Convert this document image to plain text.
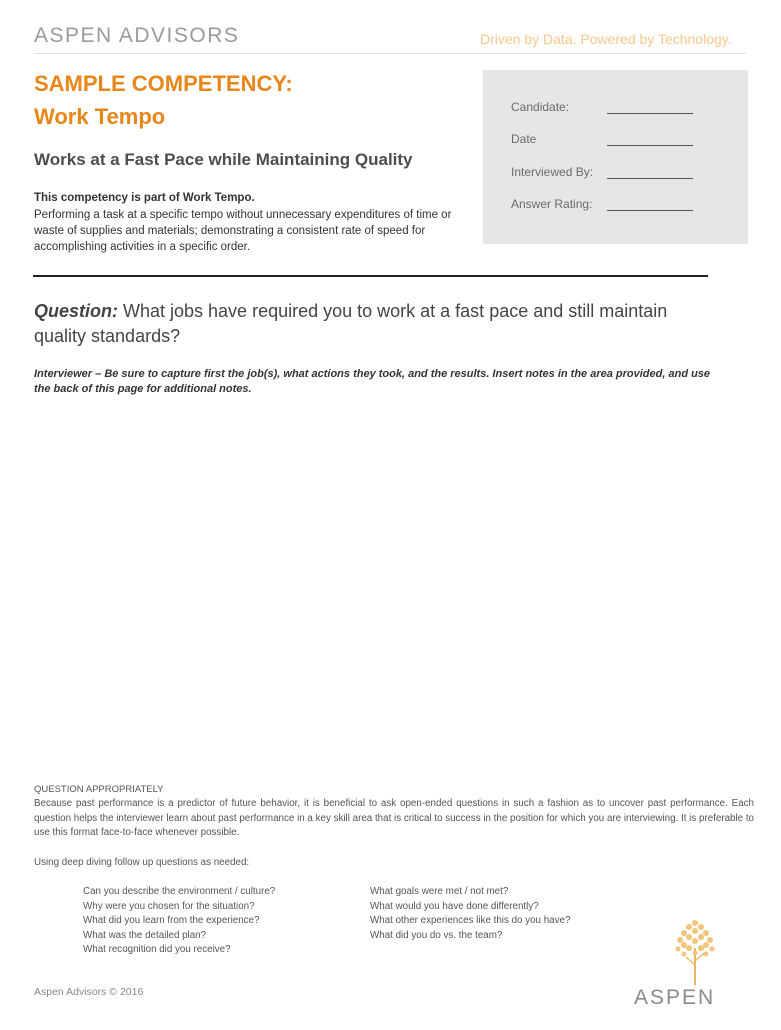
ASPEN ADVISORS	Driven by Data. Powered by Technology.
SAMPLE COMPETENCY:
Work Tempo
Works at a Fast Pace while Maintaining Quality
This competency is part of Work Tempo.
Performing a task at a specific tempo without unnecessary expenditures of time or waste of supplies and materials; demonstrating a consistent rate of speed for accomplishing activities in a specific order.
Candidate:
Date
Interviewed By:
Answer Rating:
Question: What jobs have required you to work at a fast pace and still maintain quality standards?
Interviewer – Be sure to capture first the job(s), what actions they took, and the results. Insert notes in the area provided, and use the back of this page for additional notes.
QUESTION APPROPRIATELY
Because past performance is a predictor of future behavior, it is beneficial to ask open-ended questions in such a fashion as to uncover past performance. Each question helps the interviewer learn about past performance in a key skill area that is critical to success in the position for which you are interviewing. It is preferable to use this format face-to-face whenever possible.
Using deep diving follow up questions as needed:
Can you describe the environment / culture?
Why were you chosen for the situation?
What did you learn from the experience?
What was the detailed plan?
What recognition did you receive?
What goals were met / not met?
What would you have done differently?
What other experiences like this do you have?
What did you do vs. the team?
Aspen Advisors © 2016	ASPEN
